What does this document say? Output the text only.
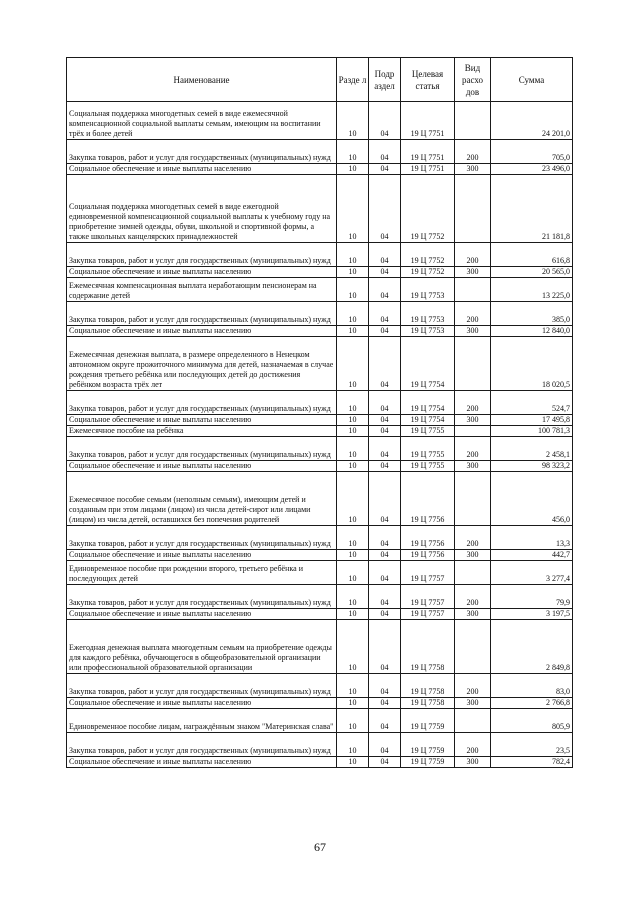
Наименование	Разде л	Подр аздел	Целевая статья	Вид расхо дов	Сумма
Социальная поддержка многодетных семей в виде ежемесячной компенсационной социальной выплаты семьям, имеющим на воспитании трёх и более детей	10	04	19 Ц 7751		24 201,0
Закупка товаров, работ и услуг для государственных (муниципальных) нужд	10	04	19 Ц 7751	200	705,0
Социальное обеспечение и иные выплаты населению	10	04	19 Ц 7751	300	23 496,0
Социальная поддержка многодетных семей в виде ежегодной единовременной компенсационной социальной выплаты к учебному году на приобретение зимней одежды, обуви, школьной и спортивной формы, а также школьных канцелярских принадлежностей	10	04	19 Ц 7752		21 181,8
Закупка товаров, работ и услуг для государственных (муниципальных) нужд	10	04	19 Ц 7752	200	616,8
Социальное обеспечение и иные выплаты населению	10	04	19 Ц 7752	300	20 565,0
Ежемесячная компенсационная выплата неработающим пенсионерам на содержание детей	10	04	19 Ц 7753		13 225,0
Закупка товаров, работ и услуг для государственных (муниципальных) нужд	10	04	19 Ц 7753	200	385,0
Социальное обеспечение и иные выплаты населению	10	04	19 Ц 7753	300	12 840,0
Ежемесячная денежная выплата, в размере определенного в Ненецком автономном округе прожиточного минимума для детей, назначаемая в случае рождения третьего ребёнка или последующих детей до достижения ребёнком возраста трёх лет	10	04	19 Ц 7754		18 020,5
Закупка товаров, работ и услуг для государственных (муниципальных) нужд	10	04	19 Ц 7754	200	524,7
Социальное обеспечение и иные выплаты населению	10	04	19 Ц 7754	300	17 495,8
Ежемесячное пособие на ребёнка	10	04	19 Ц 7755		100 781,3
Закупка товаров, работ и услуг для государственных (муниципальных) нужд	10	04	19 Ц 7755	200	2 458,1
Социальное обеспечение и иные выплаты населению	10	04	19 Ц 7755	300	98 323,2
Ежемесячное пособие семьям (неполным семьям), имеющим детей и созданным при этом лицами (лицом) из числа детей-сирот или лицами (лицом) из числа детей, оставшихся без попечения родителей	10	04	19 Ц 7756		456,0
Закупка товаров, работ и услуг для государственных (муниципальных) нужд	10	04	19 Ц 7756	200	13,3
Социальное обеспечение и иные выплаты населению	10	04	19 Ц 7756	300	442,7
Единовременное пособие при рождении второго, третьего ребёнка и последующих детей	10	04	19 Ц 7757		3 277,4
Закупка товаров, работ и услуг для государственных (муниципальных) нужд	10	04	19 Ц 7757	200	79,9
Социальное обеспечение и иные выплаты населению	10	04	19 Ц 7757	300	3 197,5
Ежегодная денежная выплата многодетным семьям на приобретение одежды для каждого ребёнка, обучающегося в общеобразовательной организации или профессиональной образовательной организации	10	04	19 Ц 7758		2 849,8
Закупка товаров, работ и услуг для государственных (муниципальных) нужд	10	04	19 Ц 7758	200	83,0
Социальное обеспечение и иные выплаты населению	10	04	19 Ц 7758	300	2 766,8
Единовременное пособие лицам, награждённым знаком "Материнская слава"	10	04	19 Ц 7759		805,9
Закупка товаров, работ и услуг для государственных (муниципальных) нужд	10	04	19 Ц 7759	200	23,5
Социальное обеспечение и иные выплаты населению	10	04	19 Ц 7759	300	782,4
67
